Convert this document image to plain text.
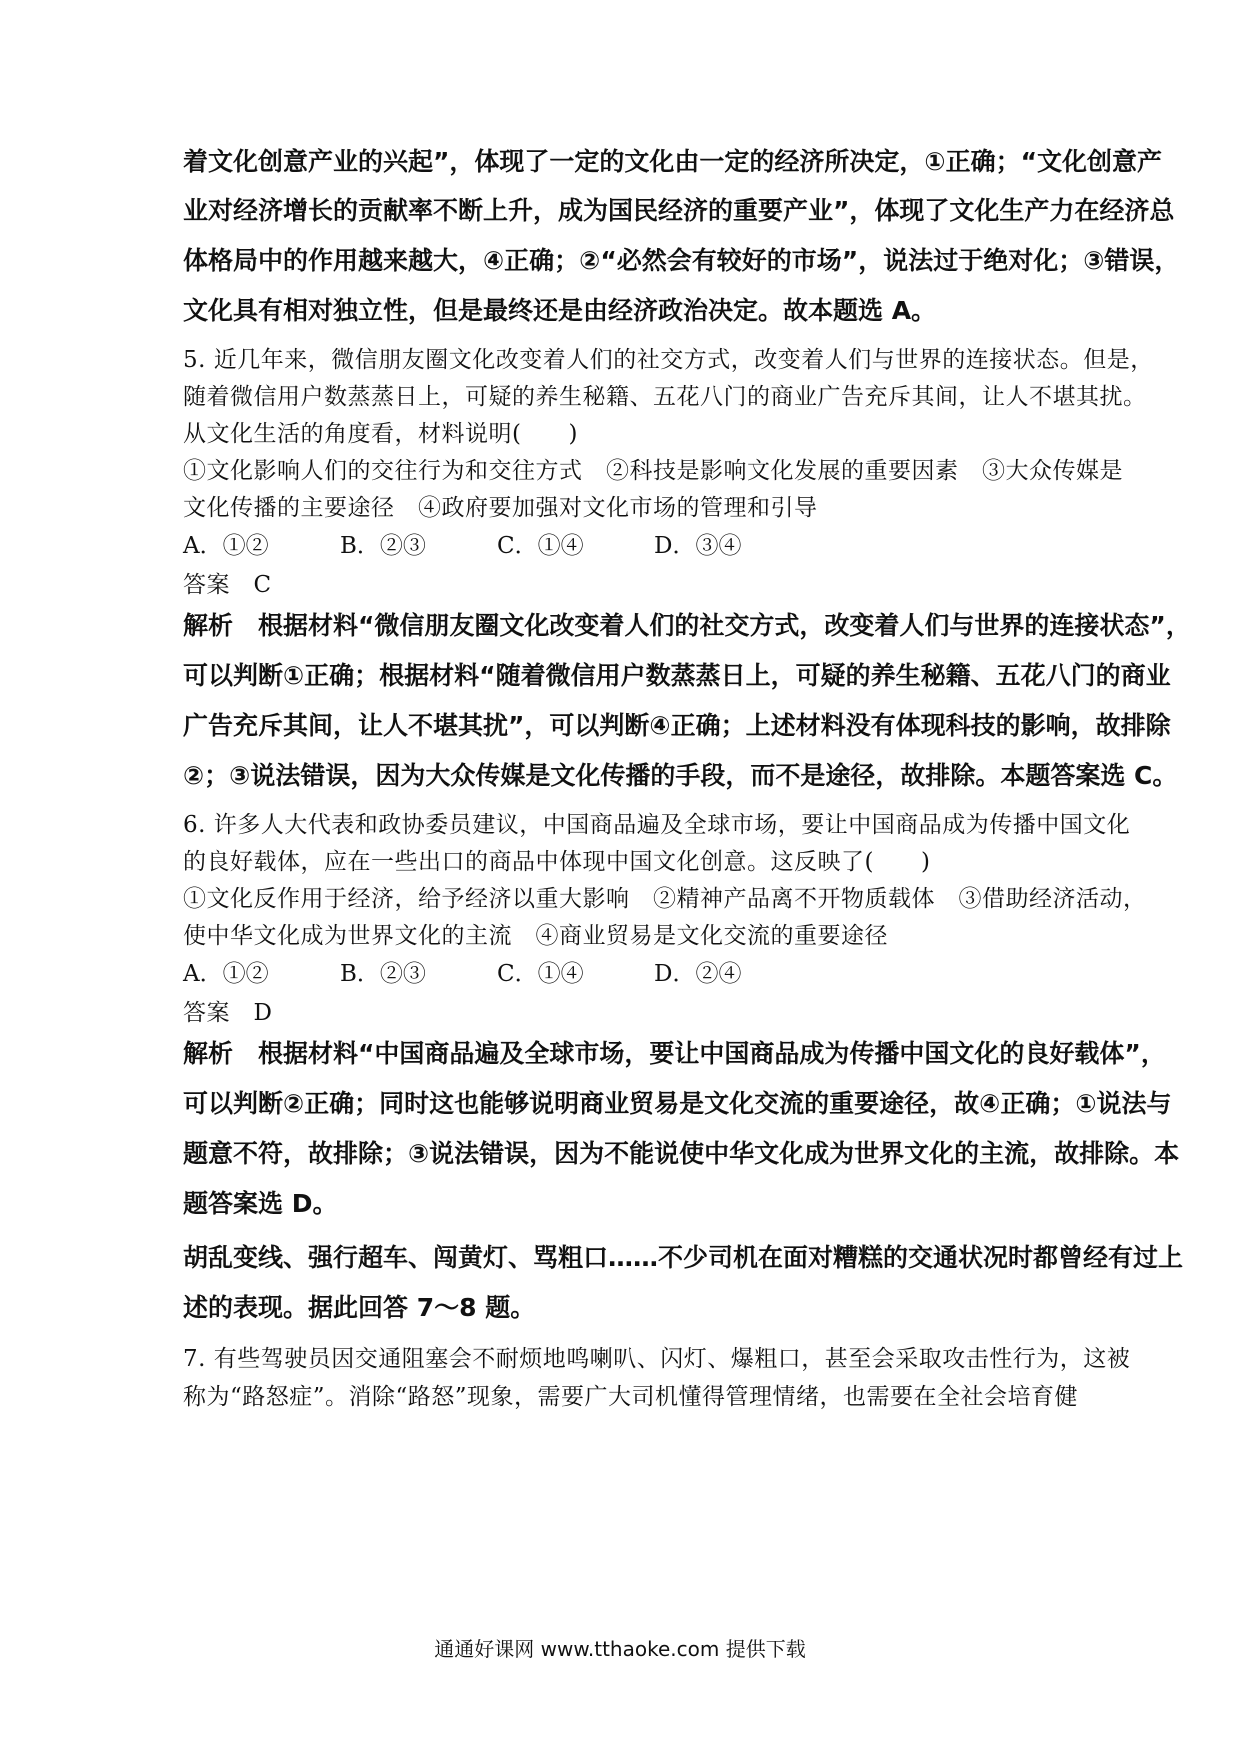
着文化创意产业的兴起”，体现了一定的文化由一定的经济所决定，①正确；“文化创意产
业对经济增长的贡献率不断上升，成为国民经济的重要产业”，体现了文化生产力在经济总
体格局中的作用越来越大，④正确；②“必然会有较好的市场”，说法过于绝对化；③错误，
文化具有相对独立性，但是最终还是由经济政治决定。故本题选 A。
5. 近几年来，微信朋友圈文化改变着人们的社交方式，改变着人们与世界的连接状态。但是，
随着微信用户数蒸蒸日上，可疑的养生秘籍、五花八门的商业广告充斥其间，让人不堪其扰。
从文化生活的角度看，材料说明(　　)
①文化影响人们的交往行为和交往方式　②科技是影响文化发展的重要因素　③大众传媒是
文化传播的主要途径　④政府要加强对文化市场的管理和引导
A．①②	B．②③	C．①④	D．③④
答案　C
解析　根据材料“微信朋友圈文化改变着人们的社交方式，改变着人们与世界的连接状态”，
可以判断①正确；根据材料“随着微信用户数蒸蒸日上，可疑的养生秘籍、五花八门的商业
广告充斥其间，让人不堪其扰”，可以判断④正确；上述材料没有体现科技的影响，故排除
②；③说法错误，因为大众传媒是文化传播的手段，而不是途径，故排除。本题答案选 C。
6. 许多人大代表和政协委员建议，中国商品遍及全球市场，要让中国商品成为传播中国文化
的良好载体，应在一些出口的商品中体现中国文化创意。这反映了(　　)
①文化反作用于经济，给予经济以重大影响　②精神产品离不开物质载体　③借助经济活动，
使中华文化成为世界文化的主流　④商业贸易是文化交流的重要途径
A．①②	B．②③	C．①④	D．②④
答案　D
解析　根据材料“中国商品遍及全球市场，要让中国商品成为传播中国文化的良好载体”，
可以判断②正确；同时这也能够说明商业贸易是文化交流的重要途径，故④正确；①说法与
题意不符，故排除；③说法错误，因为不能说使中华文化成为世界文化的主流，故排除。本
题答案选 D。
胡乱变线、强行超车、闯黄灯、骂粗口……不少司机在面对糟糕的交通状况时都曾经有过上
述的表现。据此回答 7～8 题。
7. 有些驾驶员因交通阻塞会不耐烦地鸣喇叭、闪灯、爆粗口，甚至会采取攻击性行为，这被
称为“路怒症”。消除“路怒”现象，需要广大司机懂得管理情绪，也需要在全社会培育健
通通好课网 www.tthaoke.com 提供下载
